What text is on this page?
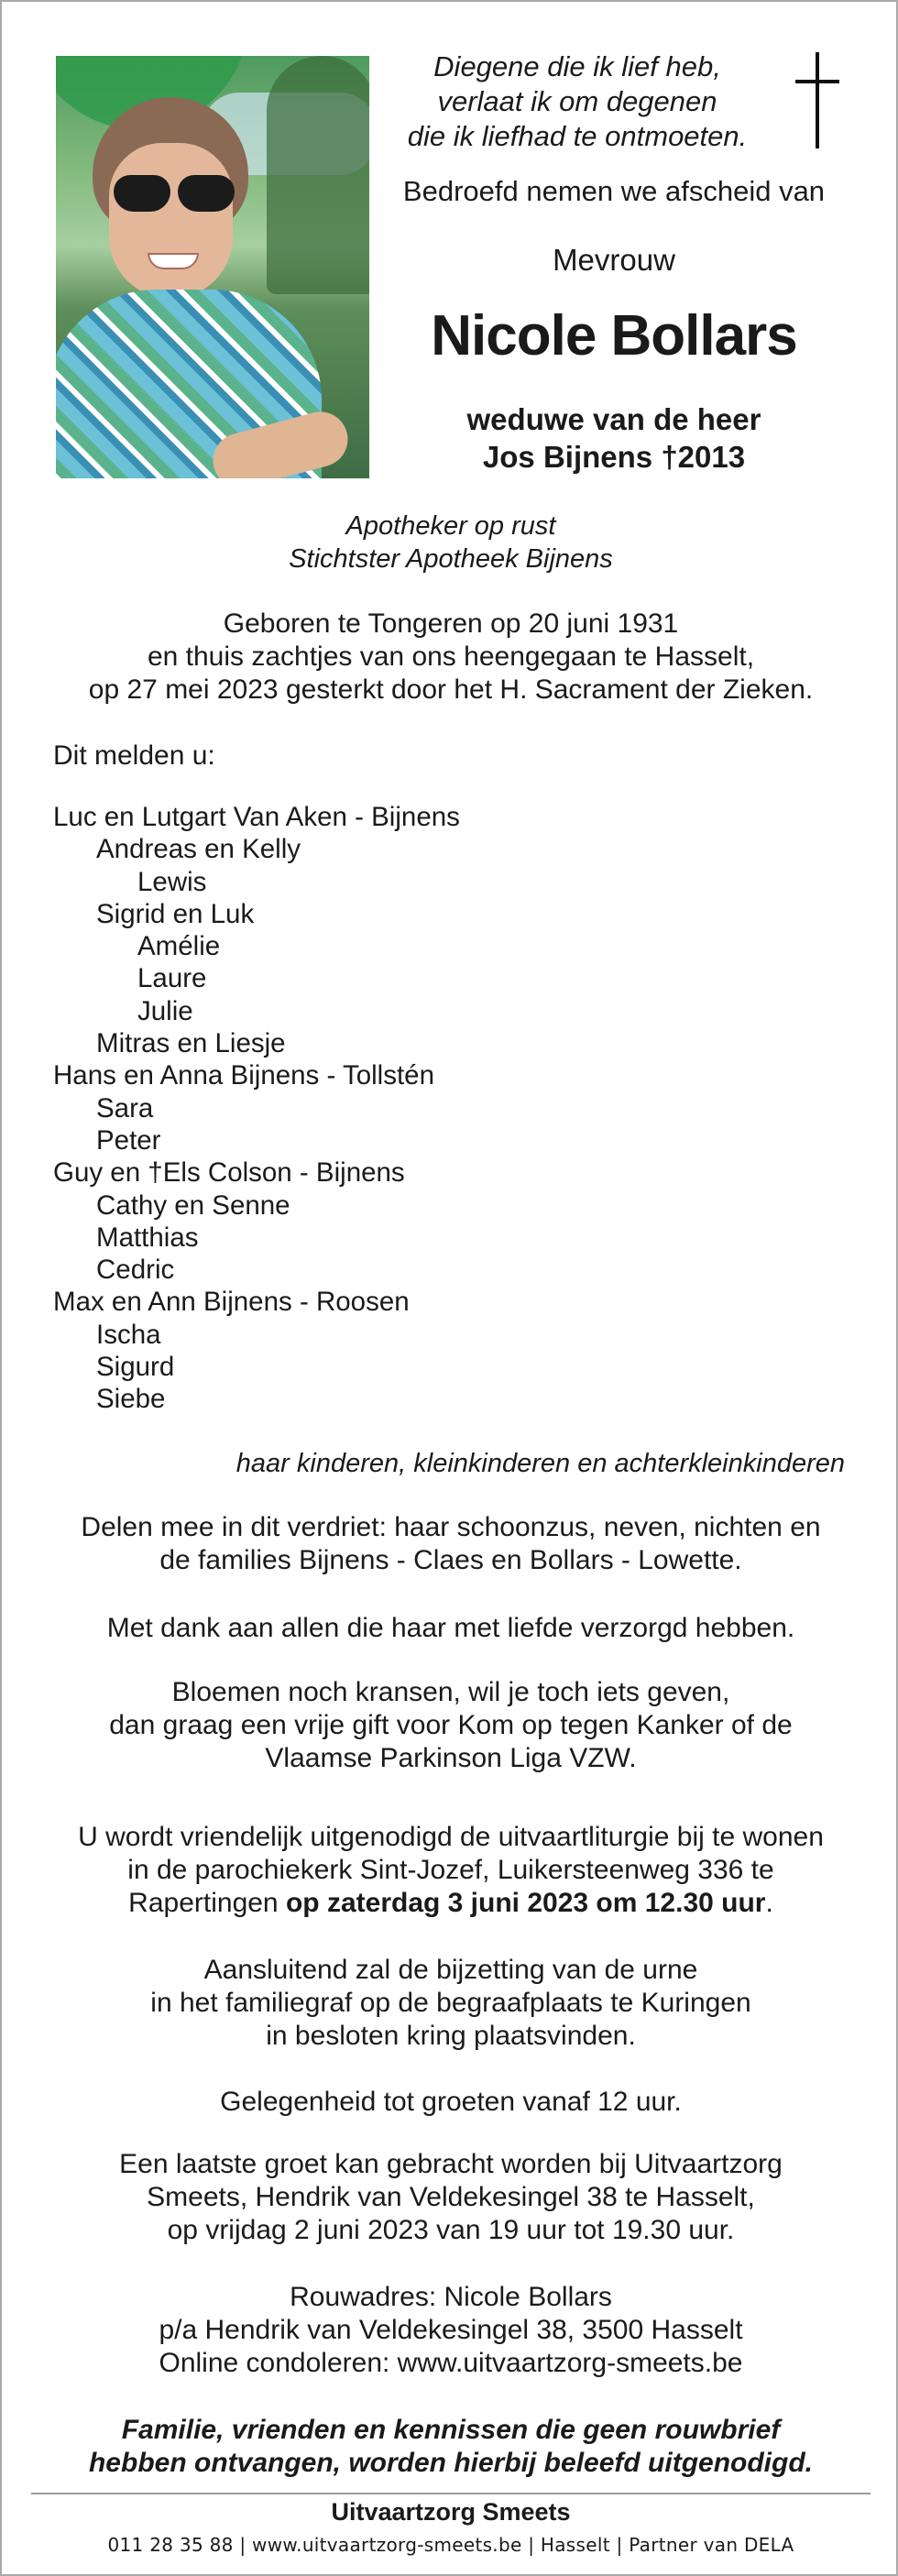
Diegene die ik lief heb,
verlaat ik om degenen
die ik liefhad te ontmoeten.
Bedroefd nemen we afscheid van
Mevrouw
Nicole Bollars
weduwe van de heer
Jos Bijnens †2013
Apotheker op rust
Stichtster Apotheek Bijnens
Geboren te Tongeren op 20 juni 1931
en thuis zachtjes van ons heengegaan te Hasselt,
op 27 mei 2023 gesterkt door het H. Sacrament der Zieken.
Dit melden u:
Luc en Lutgart Van Aken - Bijnens
Andreas en Kelly
Lewis
Sigrid en Luk
Amélie
Laure
Julie
Mitras en Liesje
Hans en Anna Bijnens - Tollstén
Sara
Peter
Guy en †Els Colson - Bijnens
Cathy en Senne
Matthias
Cedric
Max en Ann Bijnens - Roosen
Ischa
Sigurd
Siebe
haar kinderen, kleinkinderen en achterkleinkinderen
Delen mee in dit verdriet: haar schoonzus, neven, nichten en
de families Bijnens - Claes en Bollars - Lowette.
Met dank aan allen die haar met liefde verzorgd hebben.
Bloemen noch kransen, wil je toch iets geven,
dan graag een vrije gift voor Kom op tegen Kanker of de
Vlaamse Parkinson Liga VZW.
U wordt vriendelijk uitgenodigd de uitvaartliturgie bij te wonen
in de parochiekerk Sint-Jozef, Luikersteenweg 336 te
Rapertingen op zaterdag 3 juni 2023 om 12.30 uur.
Aansluitend zal de bijzetting van de urne
in het familiegraf op de begraafplaats te Kuringen
in besloten kring plaatsvinden.
Gelegenheid tot groeten vanaf 12 uur.
Een laatste groet kan gebracht worden bij Uitvaartzorg
Smeets, Hendrik van Veldekesingel 38 te Hasselt,
op vrijdag 2 juni 2023 van 19 uur tot 19.30 uur.
Rouwadres: Nicole Bollars
p/a Hendrik van Veldekesingel 38, 3500 Hasselt
Online condoleren: www.uitvaartzorg-smeets.be
Familie, vrienden en kennissen die geen rouwbrief
hebben ontvangen, worden hierbij beleefd uitgenodigd.
Uitvaartzorg Smeets
011 28 35 88 | www.uitvaartzorg-smeets.be | Hasselt | Partner van DELA
